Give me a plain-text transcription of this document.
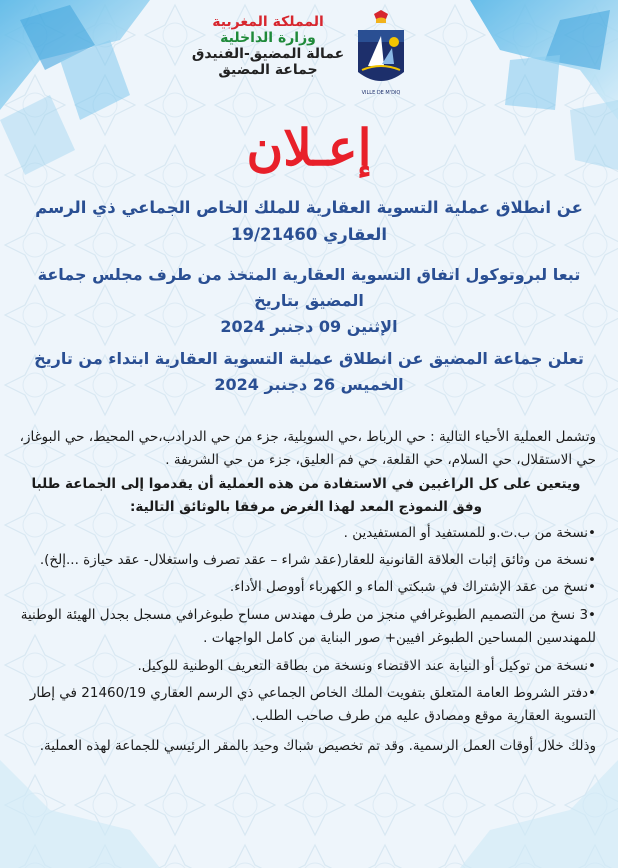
المملكة المغربية
وزارة الداخلية
عمالة المضيق-الفنيدق
جماعة المضيق
VILLE DE M'DIQ
إعـلان
عن انطلاق عملية التسوية العقارية للملك الخاص الجماعي ذي الرسم
العقاري 19/21460
تبعا لبروتوكول اتفاق التسوية العقارية المتخذ من طرف مجلس جماعة المضيق بتاريخ
الإثنين 09 دجنبر 2024
تعلن جماعة المضيق عن انطلاق عملية التسوية العقارية ابتداء من تاريخ
الخميس 26 دجنبر 2024

وتشمل العملية الأحياء التالية : حي الرباط ،حي السويلية، جزء من حي الدرادب،حي المحيط، حي البوغاز، حي الاستقلال، حي السلام، حي القلعة، حي فم العليق، جزء من حي الشريفة .

ويتعين على كل الراغبين في الاستفادة من هذه العملية أن يقدموا إلى الجماعة طلبا

وفق النموذج المعد لهذا الغرض مرفقا بالوثائق التالية:

•نسخة من ب.ت.و للمستفيد أو المستفيدين .
•نسخة من وثائق إثبات العلاقة القانونية للعقار(عقد شراء – عقد تصرف واستغلال- عقد حيازة ...إلخ).
•نسخ من عقد الإشتراك في شبكتي الماء و الكهرباء أووصل الأداء.
•3 نسخ من التصميم الطبوغرافي منجز من طرف مهندس مساح طبوغرافي مسجل بجدل الهيئة الوطنية للمهندسين المساحين الطبوغر افيين+ صور البناية من كامل الواجهات .
•نسخة من توكيل أو النيابة عند الاقتضاء ونسخة من بطاقة التعريف الوطنية للوكيل.
•دفتر الشروط العامة المتعلق بتفويت الملك الخاص الجماعي ذي الرسم العقاري 21460/19 في إطار التسوية العقارية موقع ومصادق عليه من طرف صاحب الطلب.

وذلك خلال أوقات العمل الرسمية. وقد تم تخصيص شباك وحيد بالمقر الرئيسي للجماعة لهذه العملية.
